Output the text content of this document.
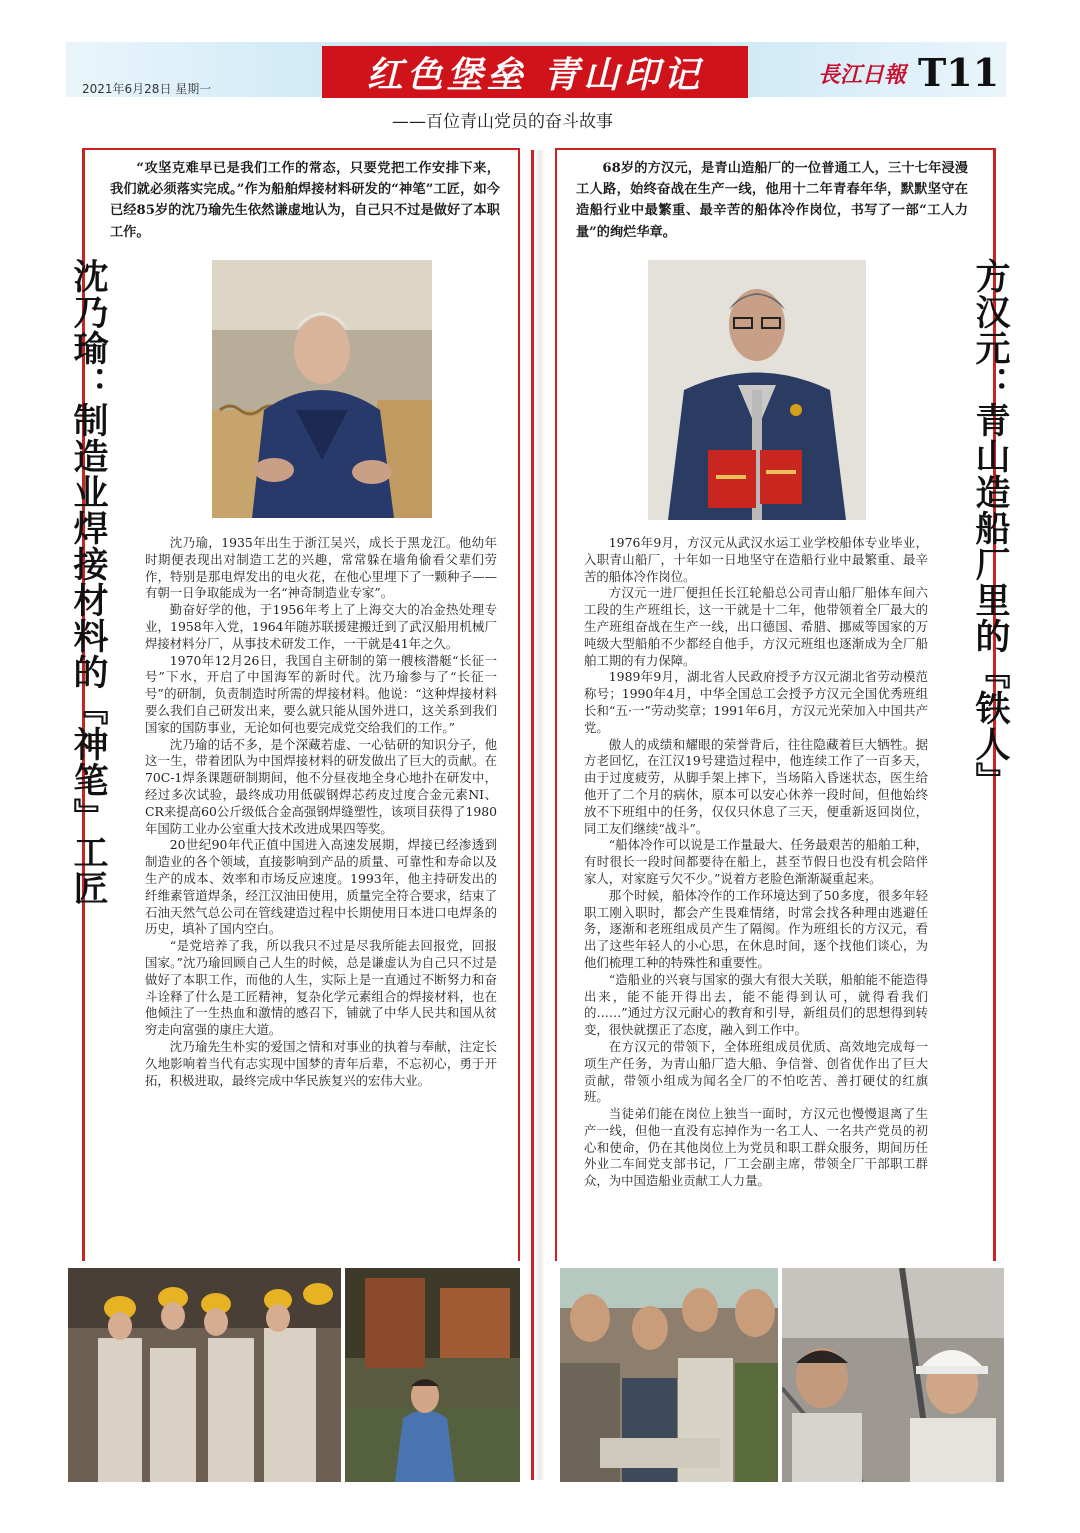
2021年6月28日 星期一	红色堡垒 青山印记
——百位青山党员的奋斗故事
長江日報 T11
沈乃瑜：制造业焊接材料的『神笔』工匠
“攻坚克难早已是我们工作的常态，只要党把工作安排下来，我们就必须落实完成。”作为船舶焊接材料研发的“神笔”工匠，如今已经85岁的沈乃瑜先生依然谦虚地认为，自己只不过是做好了本职工作。

沈乃瑜，1935年出生于浙江吴兴，成长于黑龙江。他幼年时期便表现出对制造工艺的兴趣，常常躲在墙角偷看父辈们劳作，特别是那电焊发出的电火花，在他心里埋下了一颗种子——有朝一日争取能成为一名“神奇制造业专家”。

勤奋好学的他，于1956年考上了上海交大的冶金热处理专业，1958年入党，1964年随苏联援建搬迁到了武汉船用机械厂焊接材料分厂，从事技术研发工作，一干就是41年之久。

1970年12月26日，我国自主研制的第一艘核潜艇“长征一号”下水，开启了中国海军的新时代。沈乃瑜参与了“长征一号”的研制，负责制造时所需的焊接材料。他说：“这种焊接材料要么我们自己研发出来，要么就只能从国外进口，这关系到我们国家的国防事业，无论如何也要完成党交给我们的工作。”

沈乃瑜的话不多，是个深藏若虚、一心钻研的知识分子，他这一生，带着团队为中国焊接材料的研发做出了巨大的贡献。在70C-1焊条课题研制期间，他不分昼夜地全身心地扑在研发中，经过多次试验，最终成功用低碳钢焊芯药皮过度合金元素NI、CR来提高60公斤级低合金高强钢焊缝塑性，该项目获得了1980年国防工业办公室重大技术改进成果四等奖。

20世纪90年代正值中国进入高速发展期，焊接已经渗透到制造业的各个领域，直接影响到产品的质量、可靠性和寿命以及生产的成本、效率和市场反应速度。1993年，他主持研发出的纤维素管道焊条，经江汉油田使用，质量完全符合要求，结束了石油天然气总公司在管线建造过程中长期使用日本进口电焊条的历史，填补了国内空白。

“是党培养了我，所以我只不过是尽我所能去回报党，回报国家。”沈乃瑜回顾自己人生的时候，总是谦虚认为自己只不过是做好了本职工作，而他的人生，实际上是一直通过不断努力和奋斗诠释了什么是工匠精神，复杂化学元素组合的焊接材料，也在他倾注了一生热血和激情的感召下，铺就了中华人民共和国从贫穷走向富强的康庄大道。

沈乃瑜先生朴实的爱国之情和对事业的执着与奉献，注定长久地影响着当代有志实现中国梦的青年后辈，不忘初心，勇于开拓，积极进取，最终完成中华民族复兴的宏伟大业。

方汉元：青山造船厂里的『铁人』
68岁的方汉元，是青山造船厂的一位普通工人，三十七年浸漫工人路，始终奋战在生产一线，他用十二年青春年华，默默坚守在造船行业中最繁重、最辛苦的船体冷作岗位，书写了一部“工人力量”的绚烂华章。

1976年9月，方汉元从武汉水运工业学校船体专业毕业，入职青山船厂，十年如一日地坚守在造船行业中最繁重、最辛苦的船体冷作岗位。

方汉元一进厂便担任长江轮船总公司青山船厂船体车间六工段的生产班组长，这一干就是十二年，他带领着全厂最大的生产班组奋战在生产一线，出口德国、希腊、挪威等国家的万吨级大型船舶不少都经自他手，方汉元班组也逐渐成为全厂船舶工期的有力保障。

1989年9月，湖北省人民政府授予方汉元湖北省劳动模范称号；1990年4月，中华全国总工会授予方汉元全国优秀班组长和“五·一”劳动奖章；1991年6月，方汉元光荣加入中国共产党。

傲人的成绩和耀眼的荣誉背后，往往隐藏着巨大牺牲。据方老回忆，在江汉19号建造过程中，他连续工作了一百多天，由于过度疲劳，从脚手架上摔下，当场陷入昏迷状态，医生给他开了二个月的病休，原本可以安心休养一段时间，但他始终放不下班组中的任务，仅仅只休息了三天，便重新返回岗位，同工友们继续“战斗”。

“船体冷作可以说是工作量最大、任务最艰苦的船舶工种，有时很长一段时间都要待在船上，甚至节假日也没有机会陪伴家人，对家庭亏欠不少。”说着方老脸色渐渐凝重起来。

那个时候，船体冷作的工作环境达到了50多度，很多年轻职工刚入职时，都会产生畏难情绪，时常会找各种理由逃避任务，逐渐和老班组成员产生了隔阂。作为班组长的方汉元，看出了这些年轻人的小心思，在休息时间，逐个找他们谈心，为他们梳理工种的特殊性和重要性。

“造船业的兴衰与国家的强大有很大关联，船舶能不能造得出来，能不能开得出去，能不能得到认可，就得看我们的……”通过方汉元耐心的教育和引导，新组员们的思想得到转变，很快就摆正了态度，融入到工作中。

在方汉元的带领下，全体班组成员优质、高效地完成每一项生产任务，为青山船厂造大船、争信誉、创省优作出了巨大贡献，带领小组成为闻名全厂的不怕吃苦、善打硬仗的红旗班。

当徒弟们能在岗位上独当一面时，方汉元也慢慢退离了生产一线，但他一直没有忘掉作为一名工人、一名共产党员的初心和使命，仍在其他岗位上为党员和职工群众服务，期间历任外业二车间党支部书记，厂工会副主席，带领全厂干部职工群众，为中国造船业贡献工人力量。
